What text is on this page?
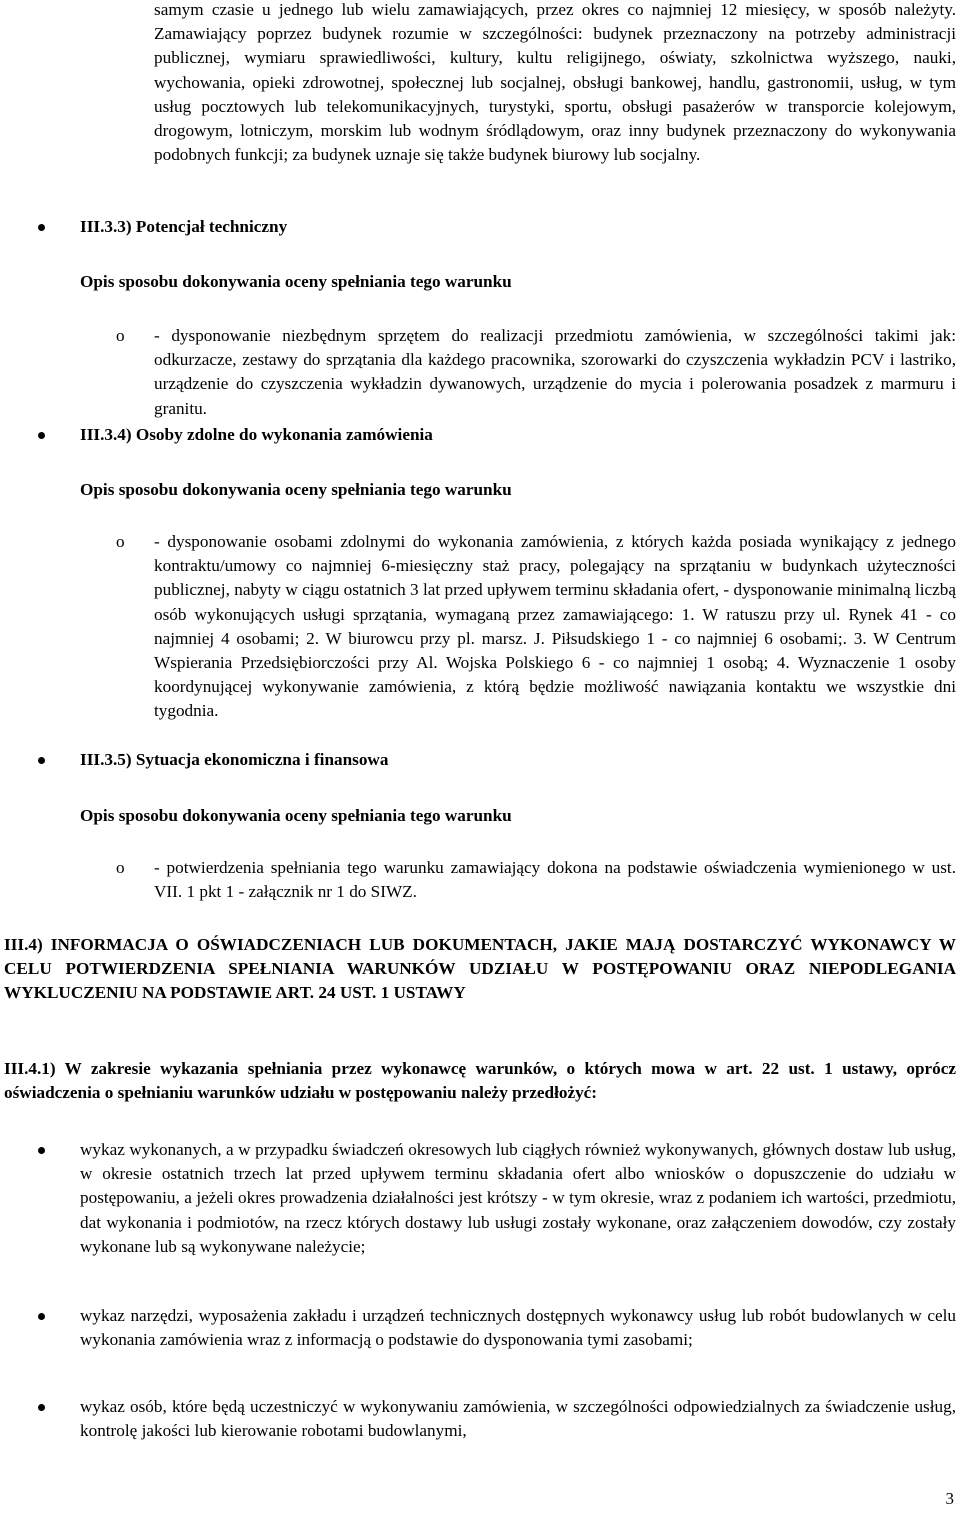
samym czasie u jednego lub wielu zamawiających, przez okres co najmniej 12 miesięcy, w sposób należyty. Zamawiający poprzez budynek rozumie w szczególności: budynek przeznaczony na potrzeby administracji publicznej, wymiaru sprawiedliwości, kultury, kultu religijnego, oświaty, szkolnictwa wyższego, nauki, wychowania, opieki zdrowotnej, społecznej lub socjalnej, obsługi bankowej, handlu, gastronomii, usług, w tym usług pocztowych lub telekomunikacyjnych, turystyki, sportu, obsługi pasażerów w transporcie kolejowym, drogowym, lotniczym, morskim lub wodnym śródlądowym, oraz inny budynek przeznaczony do wykonywania podobnych funkcji; za budynek uznaje się także budynek biurowy lub socjalny.
III.3.3) Potencjał techniczny
Opis sposobu dokonywania oceny spełniania tego warunku
o - dysponowanie niezbędnym sprzętem do realizacji przedmiotu zamówienia, w szczególności takimi jak: odkurzacze, zestawy do sprzątania dla każdego pracownika, szorowarki do czyszczenia wykładzin PCV i lastriko, urządzenie do czyszczenia wykładzin dywanowych, urządzenie do mycia i polerowania posadzek z marmuru i granitu.
III.3.4) Osoby zdolne do wykonania zamówienia
Opis sposobu dokonywania oceny spełniania tego warunku
o - dysponowanie osobami zdolnymi do wykonania zamówienia, z których każda posiada wynikający z jednego kontraktu/umowy co najmniej 6-miesięczny staż pracy, polegający na sprzątaniu w budynkach użyteczności publicznej, nabyty w ciągu ostatnich 3 lat przed upływem terminu składania ofert, - dysponowanie minimalną liczbą osób wykonujących usługi sprzątania, wymaganą przez zamawiającego: 1. W ratuszu przy ul. Rynek 41 - co najmniej 4 osobami; 2. W biurowcu przy pl. marsz. J. Piłsudskiego 1 - co najmniej 6 osobami;. 3. W Centrum Wspierania Przedsiębiorczości przy Al. Wojska Polskiego 6 - co najmniej 1 osobą; 4. Wyznaczenie 1 osoby koordynującej wykonywanie zamówienia, z którą będzie możliwość nawiązania kontaktu we wszystkie dni tygodnia.
III.3.5) Sytuacja ekonomiczna i finansowa
Opis sposobu dokonywania oceny spełniania tego warunku
o - potwierdzenia spełniania tego warunku zamawiający dokona na podstawie oświadczenia wymienionego w ust. VII. 1 pkt 1 - załącznik nr 1 do SIWZ.
III.4) INFORMACJA O OŚWIADCZENIACH LUB DOKUMENTACH, JAKIE MAJĄ DOSTARCZYĆ WYKONAWCY W CELU POTWIERDZENIA SPEŁNIANIA WARUNKÓW UDZIAŁU W POSTĘPOWANIU ORAZ NIEPODLEGANIA WYKLUCZENIU NA PODSTAWIE ART. 24 UST. 1 USTAWY
III.4.1) W zakresie wykazania spełniania przez wykonawcę warunków, o których mowa w art. 22 ust. 1 ustawy, oprócz oświadczenia o spełnianiu warunków udziału w postępowaniu należy przedłożyć:
wykaz wykonanych, a w przypadku świadczeń okresowych lub ciągłych również wykonywanych, głównych dostaw lub usług, w okresie ostatnich trzech lat przed upływem terminu składania ofert albo wniosków o dopuszczenie do udziału w postępowaniu, a jeżeli okres prowadzenia działalności jest krótszy - w tym okresie, wraz z podaniem ich wartości, przedmiotu, dat wykonania i podmiotów, na rzecz których dostawy lub usługi zostały wykonane, oraz załączeniem dowodów, czy zostały wykonane lub są wykonywane należycie;
wykaz narzędzi, wyposażenia zakładu i urządzeń technicznych dostępnych wykonawcy usług lub robót budowlanych w celu wykonania zamówienia wraz z informacją o podstawie do dysponowania tymi zasobami;
wykaz osób, które będą uczestniczyć w wykonywaniu zamówienia, w szczególności odpowiedzialnych za świadczenie usług, kontrolę jakości lub kierowanie robotami budowlanymi,
3
